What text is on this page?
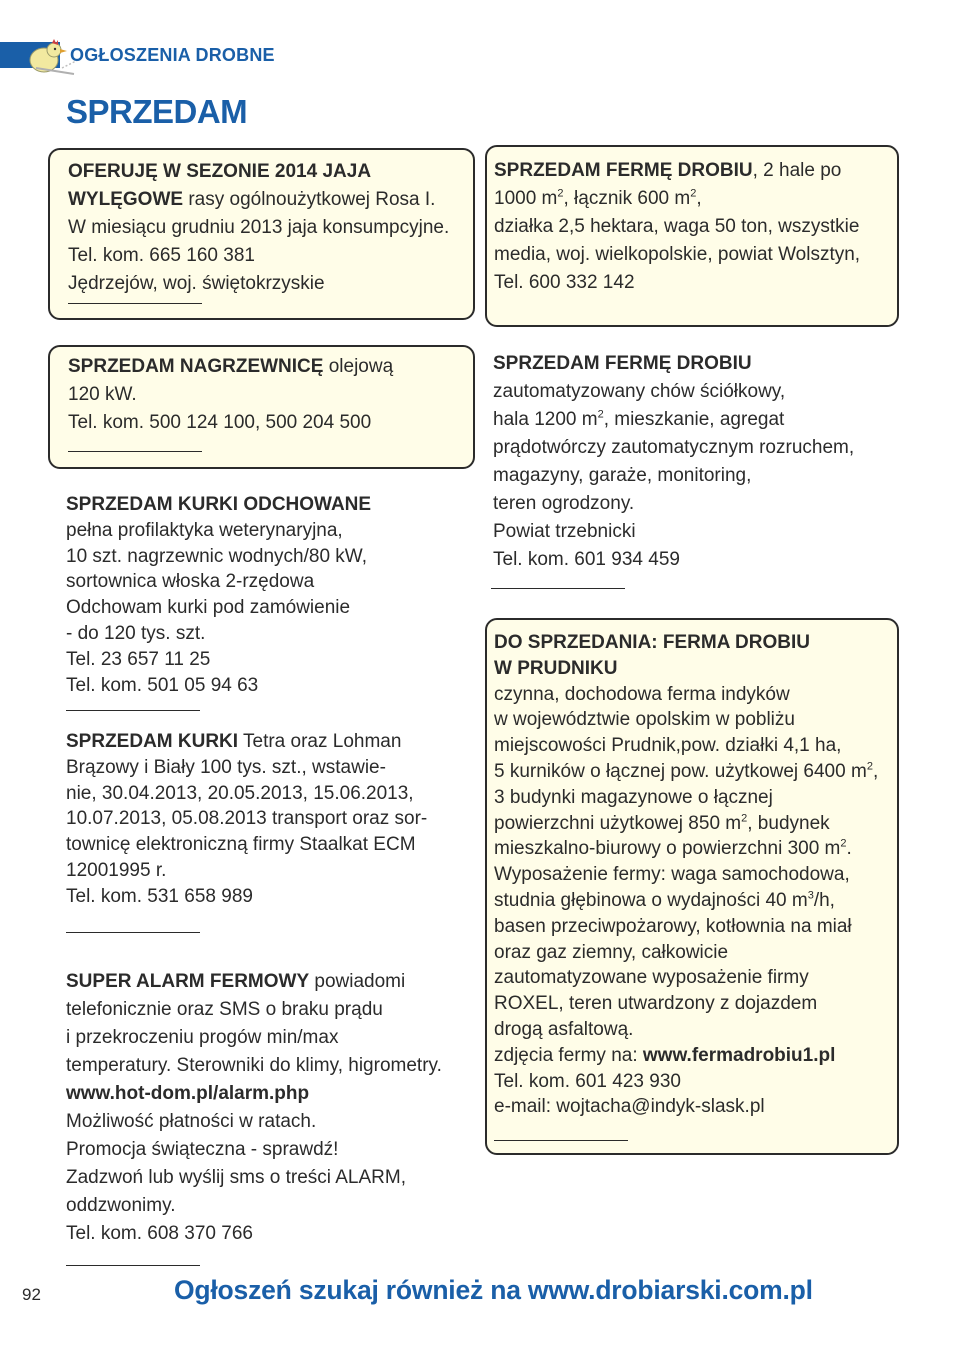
OGŁOSZENIA DROBNE
SPRZEDAM

OFERUJĘ W SEZONIE 2014 JAJA
WYLĘGOWE rasy ogólnoużytkowej Rosa I.
W miesiącu grudniu 2013 jaja konsumpcyjne.
Tel. kom. 665 160 381
Jędrzejów, woj. świętokrzyskie

SPRZEDAM FERMĘ DROBIU, 2 hale po
1000 $m^2$, łącznik 600 $m^2$,
działka 2,5 hektara, waga 50 ton, wszystkie
media, woj. wielkopolskie, powiat Wolsztyn,
Tel. 600 332 142

SPRZEDAM NAGRZEWNICĘ olejową
120 kW.
Tel. kom. 500 124 100, 500 204 500

SPRZEDAM KURKI ODCHOWANE
pełna profilaktyka weterynaryjna,
10 szt. nagrzewnic wodnych/80 kW,
sortownica włoska 2-rzędowa
Odchowam kurki pod zamówienie
- do 120 tys. szt.
Tel. 23 657 11 25
Tel. kom. 501 05 94 63

SPRZEDAM KURKI Tetra oraz Lohman
Brązowy i Biały 100 tys. szt., wstawie-
nie, 30.04.2013, 20.05.2013, 15.06.2013,
10.07.2013, 05.08.2013 transport oraz sor-
townicę elektroniczną firmy Staalkat ECM
12001995 r.
Tel. kom. 531 658 989

SUPER ALARM FERMOWY powiadomi
telefonicznie oraz SMS o braku prądu
i przekroczeniu progów min/max
temperatury. Sterowniki do klimy, higrometry.
www.hot-dom.pl/alarm.php
Możliwość płatności w ratach.
Promocja świąteczna - sprawdź!
Zadzwoń lub wyślij sms o treści ALARM,
oddzwonimy.
Tel. kom. 608 370 766

SPRZEDAM FERMĘ DROBIU
zautomatyzowany chów ściółkowy,
hala 1200 $m^2$, mieszkanie, agregat
prądotwórczy zautomatycznym rozruchem,
magazyny, garaże, monitoring,
teren ogrodzony.
Powiat trzebnicki
Tel. kom. 601 934 459

DO SPRZEDANIA: FERMA DROBIU
W PRUDNIKU
czynna, dochodowa ferma indyków
w województwie opolskim w pobliżu
miejscowości Prudnik,pow. działki 4,1 ha,
5 kurników o łącznej pow. użytkowej 6400 $m^2$,
3 budynki magazynowe o łącznej
powierzchni użytkowej 850 $m^2$, budynek
mieszkalno-biurowy o powierzchni 300 $m^2$.
Wyposażenie fermy: waga samochodowa,
studnia głębinowa o wydajności 40 $m^3/h$,
basen przeciwpożarowy, kotłownia na miał
oraz gaz ziemny, całkowicie
zautomatyzowane wyposażenie firmy
ROXEL, teren utwardzony z dojazdem
drogą asfaltową.
zdjęcia fermy na: www.fermadrobiu1.pl
Tel. kom. 601 423 930
e-mail: wojtacha@indyk-slask.pl

92	Ogłoszeń szukaj również na www.drobiarski.com.pl
